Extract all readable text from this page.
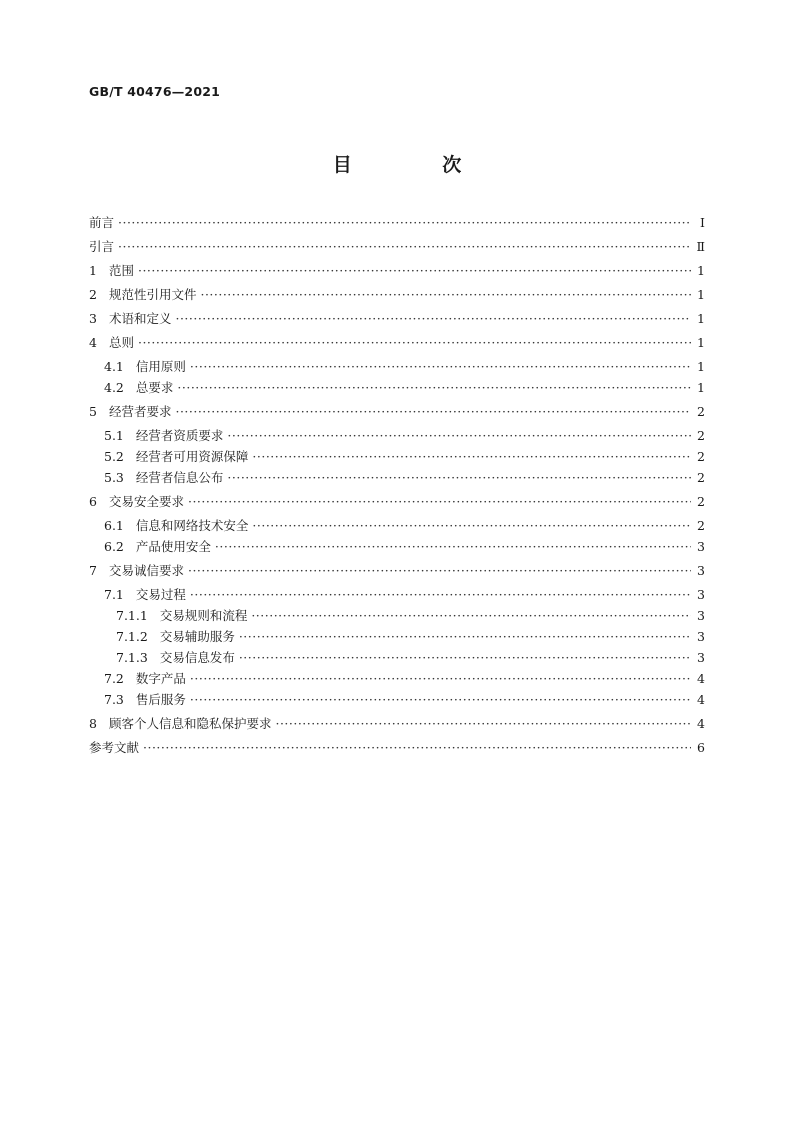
GB/T 40476—2021
目 次
前言 ·····	Ⅰ
引言 ·····	Ⅱ
1 范围 ·····	1
2 规范性引用文件 ·····	1
3 术语和定义 ·····	1
4 总则 ·····	1
4.1 信用原则 ·····	1
4.2 总要求 ·····	1
5 经营者要求 ·····	2
5.1 经营者资质要求 ·····	2
5.2 经营者可用资源保障 ·····	2
5.3 经营者信息公布 ·····	2
6 交易安全要求 ·····	2
6.1 信息和网络技术安全 ·····	2
6.2 产品使用安全 ·····	3
7 交易诚信要求 ·····	3
7.1 交易过程 ·····	3
7.1.1 交易规则和流程 ·····	3
7.1.2 交易辅助服务 ·····	3
7.1.3 交易信息发布 ·····	3
7.2 数字产品 ·····	4
7.3 售后服务 ·····	4
8 顾客个人信息和隐私保护要求 ·····	4
参考文献 ·····	6
